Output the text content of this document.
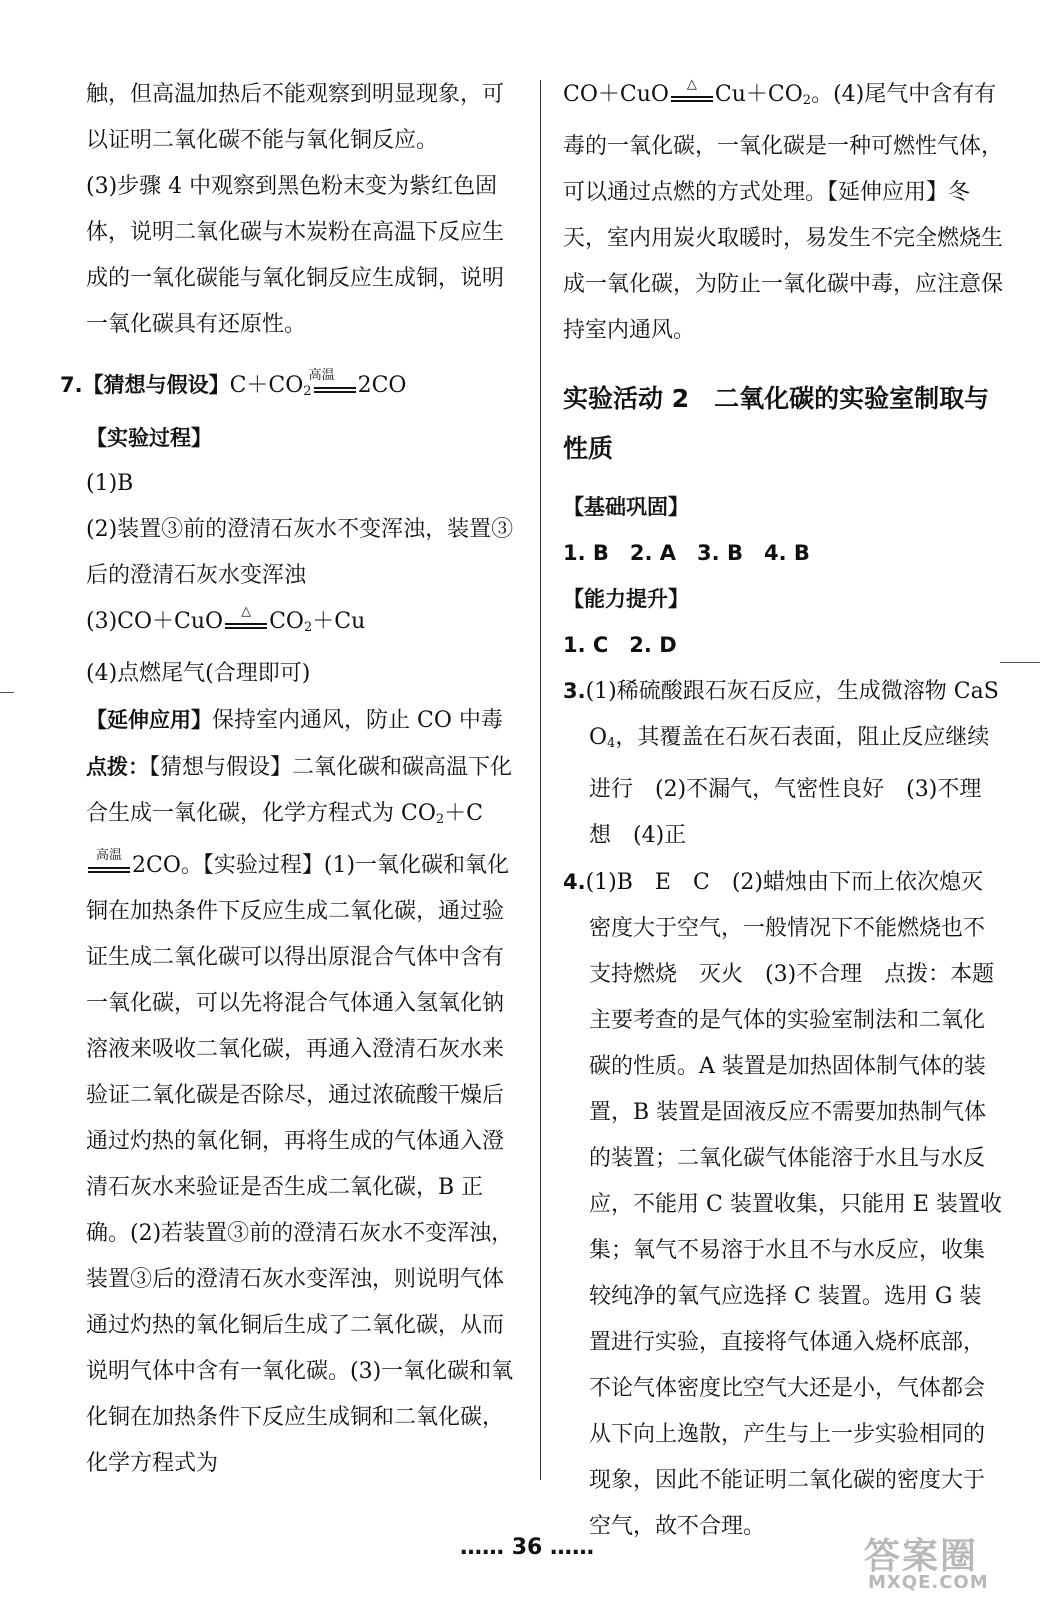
触，但高温加热后不能观察到明显现象，可以证明二氧化碳不能与氧化铜反应。

(3)步骤 4 中观察到黑色粉末变为紫红色固体，说明二氧化碳与木炭粉在高温下反应生成的一氧化碳能与氧化铜反应生成铜，说明一氧化碳具有还原性。

7.【猜想与假设】$C+CO_2$
高温	2CO

【实验过程】

(1)B

(2)装置③前的澄清石灰水不变浑浊，装置③后的澄清石灰水变浑浊

(3)CO＋CuO	△ $CO_2+Cu$

(4)点燃尾气(合理即可)

【延伸应用】保持室内通风，防止 CO 中毒

点拨：【猜想与假设】二氧化碳和碳高温下化合生成一氧化碳，化学方程式为 $CO_2+C$
高温 2CO。【实验过程】(1)一氧化碳和氧化铜在加热条件下反应生成二氧化碳，通过验证生成二氧化碳可以得出原混合气体中含有一氧化碳，可以先将混合气体通入氢氧化钠溶液来吸收二氧化碳，再通入澄清石灰水来验证二氧化碳是否除尽，通过浓硫酸干燥后通过灼热的氧化铜，再将生成的气体通入澄清石灰水来验证是否生成二氧化碳，B 正确。(2)若装置③前的澄清石灰水不变浑浊，装置③后的澄清石灰水变浑浊，则说明气体通过灼热的氧化铜后生成了二氧化碳，从而说明气体中含有一氧化碳。(3)一氧化碳和氧化铜在加热条件下反应生成铜和二氧化碳，化学方程式为

CO＋CuO	△ $Cu+CO_2$。(4)尾气中含有有毒的一氧化碳，一氧化碳是一种可燃性气体，可以通过点燃的方式处理。【延伸应用】冬天，室内用炭火取暖时，易发生不完全燃烧生成一氧化碳，为防止一氧化碳中毒，应注意保持室内通风。

实验活动 2　二氧化碳的实验室制取与性质

【基础巩固】

1. B　2. A　3. B　4. B

【能力提升】

1. C　2. D

3.(1)稀硫酸跟石灰石反应，生成微溶物 CaSO$_4$，其覆盖在石灰石表面，阻止反应继续进行　(2)不漏气，气密性良好　(3)不理想　(4)正

4.(1)B　E　C　(2)蜡烛由下而上依次熄灭　密度大于空气，一般情况下不能燃烧也不支持燃烧　灭火　(3)不合理　点拨：本题主要考查的是气体的实验室制法和二氧化碳的性质。A 装置是加热固体制气体的装置，B 装置是固液反应不需要加热制气体的装置；二氧化碳气体能溶于水且与水反应，不能用 C 装置收集，只能用 E 装置收集；氧气不易溶于水且不与水反应，收集较纯净的氧气应选择 C 装置。选用 G 装置进行实验，直接将气体通入烧杯底部，不论气体密度比空气大还是小，气体都会从下向上逸散，产生与上一步实验相同的现象，因此不能证明二氧化碳的密度大于空气，故不合理。

…… 36 ……	答案圈
MXQE.COM
